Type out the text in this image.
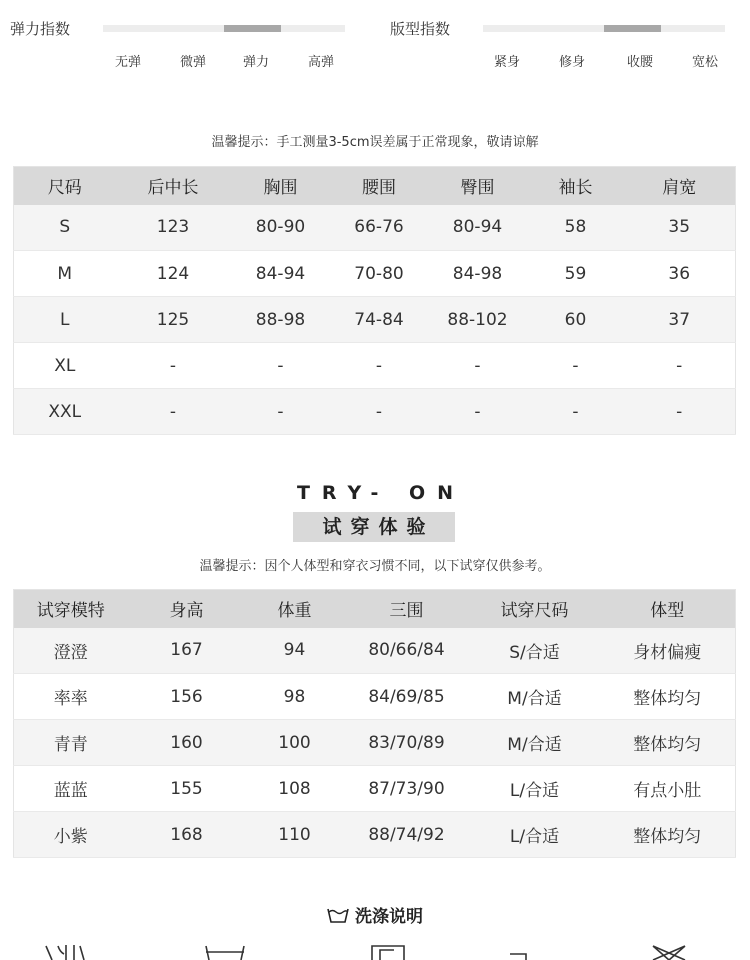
弹力指数
无弹	微弹	弹力	高弹
版型指数
紧身	修身	收腰	宽松
温馨提示：手工测量3-5cm误差属于正常现象，敬请谅解
尺码	后中长	胸围	腰围	臀围	袖长	肩宽
S	123	80-90	66-76	80-94	58	35
M	124	84-94	70-80	84-98	59	36
L	125	88-98	74-84	88-102	60	37
XL	-	-	-	-	-	-
XXL	-	-	-	-	-	-
TRY- ON
试穿体验
温馨提示：因个人体型和穿衣习惯不同，以下试穿仅供参考。
试穿模特	身高	体重	三围	试穿尺码	体型
澄澄	167	94	80/66/84	S/合适	身材偏瘦
率率	156	98	84/69/85	M/合适	整体均匀
青青	160	100	83/70/89	M/合适	整体均匀
蓝蓝	155	108	87/73/90	L/合适	有点小肚
小紫	168	110	88/74/92	L/合适	整体均匀
洗涤说明
